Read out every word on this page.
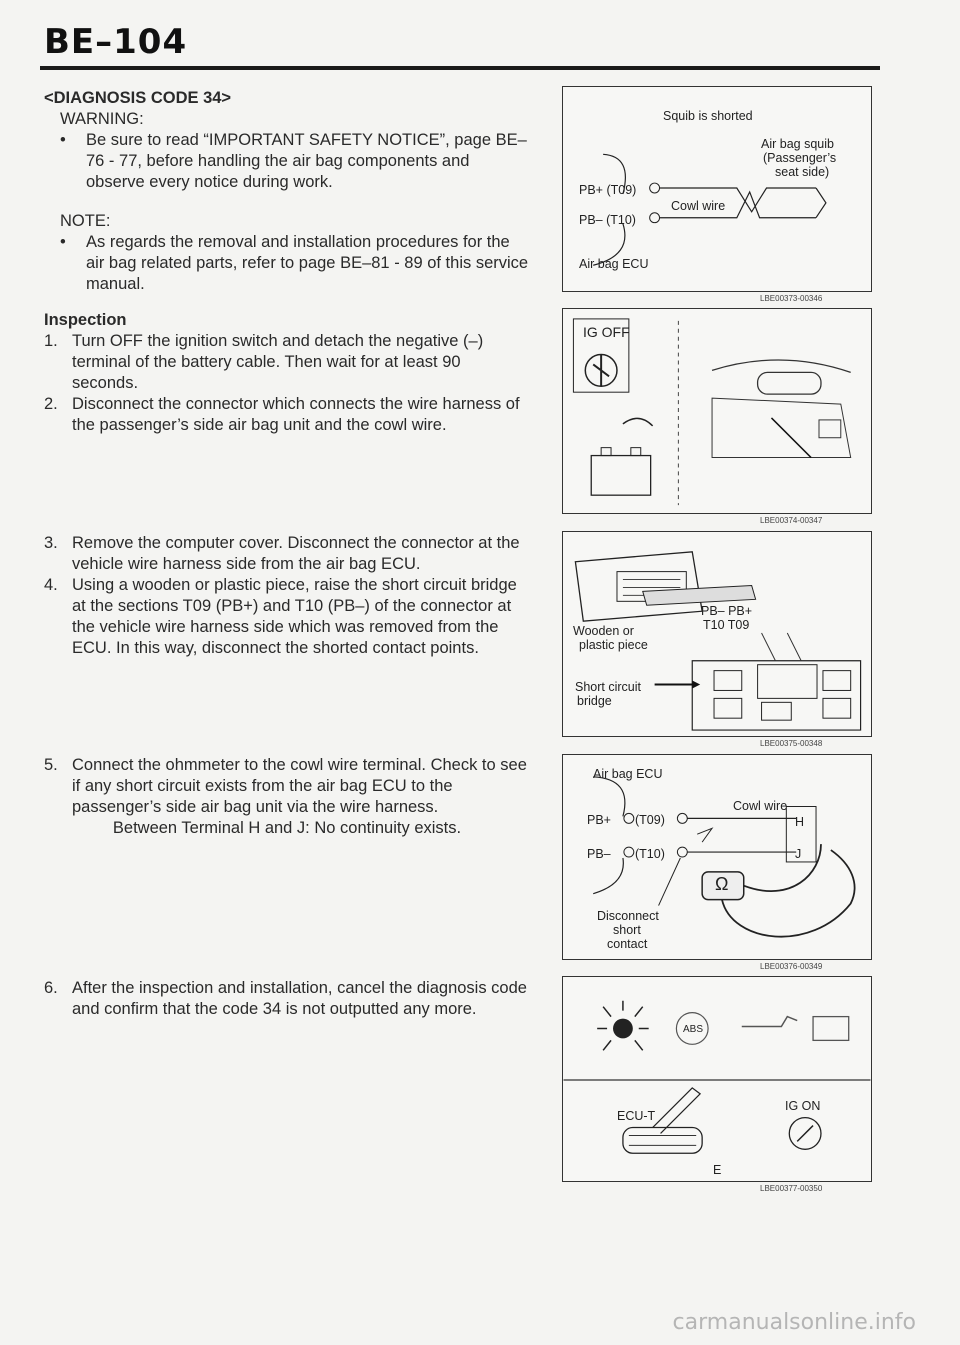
BE–104

<DIAGNOSIS CODE 34>

WARNING:
•	Be sure to read “IMPORTANT SAFETY NOTICE”, page BE–76 - 77, before handling the air bag components and observe every notice during work.
NOTE:
•	As regards the removal and installation procedures for the air bag related parts, refer to page BE–81 - 89 of this service manual.

Inspection

1. Turn OFF the ignition switch and detach the negative (–) terminal of the battery cable. Then wait for at least 90 seconds.
2. Disconnect the connector which connects the wire harness of the passenger’s side air bag unit and the cowl wire.
3. Remove the computer cover. Disconnect the connector at the vehicle wire harness side from the air bag ECU.
4. Using a wooden or plastic piece, raise the short circuit bridge at the sections T09 (PB+) and T10 (PB–) of the connector at the vehicle wire harness side which was removed from the ECU. In this way, disconnect the shorted contact points.
5. Connect the ohmmeter to the cowl wire terminal. Check to see if any short circuit exists from the air bag ECU to the passenger’s side air bag unit via the wire harness.
Between Terminal H and J: No continuity exists.
6. After the inspection and installation, cancel the diagnosis code and confirm that the code 34 is not outputted any more.
Squib is shorted
Air bag squib
(Passenger’s
seat side)
PB+ (T09)
PB– (T10)
Cowl wire
Air bag ECU
LBE00373-00346
IG OFF
LBE00374-00347
PB– PB+
T10 T09
Wooden or
plastic piece
Short circuit
bridge
LBE00375-00348
Air bag ECU
Cowl wire
PB+ (T09)
PB– (T10)
H
J
Ω
Disconnect
short
contact
LBE00376-00349
ABS
ECU-T
E
IG ON
LBE00377-00350
carmanualsonline.info
